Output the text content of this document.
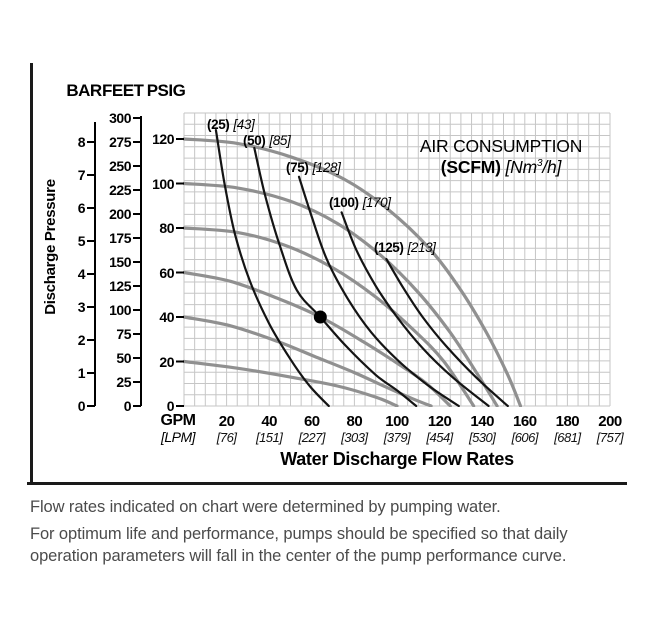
BAR FEET PSIG
Discharge Pressure
0
1
2
3
4
5
6
7
8
0
25
50
75
100
125
150
175
200
225
250
275
300
0
20
40
60
80
100
120
20
[76]
40
[151]
60
[227]
80
[303]
100
[379]
120
[454]
140
[530]
160
[606]
180
[681]
200
[757]
(25) [43]
(50) [85]
(75) [128]
(100) [170]
(125) [213]
AIR CONSUMPTION
(SCFM) [Nm$^3$/h]
GPM
[LPM]
Water Discharge Flow Rates
Flow rates indicated on chart were determined by pumping water.
For optimum life and performance, pumps should be specified so that daily operation parameters will fall in the center of the pump performance curve.
